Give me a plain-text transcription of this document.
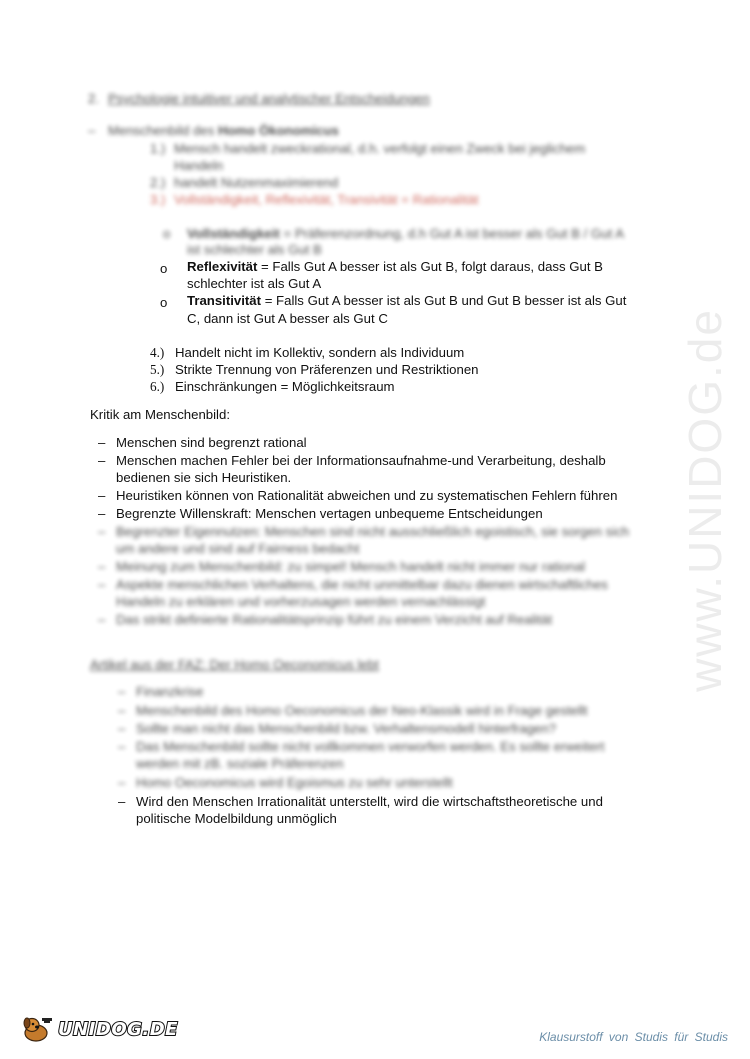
www.UNIDOG.de
2. Psychologie intuitiver und analytischer Entscheidungen
– Menschenbild des Homo Ökonomicus
1.) Mensch handelt zweckrational, d.h. verfolgt einen Zweck bei jeglichem
Handeln
2.) handelt Nutzenmaximierend
3.) Vollständigkeit, Reflexivität, Transivität = Rationalität
o Vollständigkeit = Präferenzordnung, d.h Gut A ist besser als Gut B / Gut A
ist schlechter als Gut B
o Reflexivität = Falls Gut A besser ist als Gut B, folgt daraus, dass Gut B
schlechter ist als Gut A
o Transitivität = Falls Gut A besser ist als Gut B und Gut B besser ist als Gut
C, dann ist Gut A besser als Gut C
4.) Handelt nicht im Kollektiv, sondern als Individuum
5.) Strikte Trennung von Präferenzen und Restriktionen
6.) Einschränkungen = Möglichkeitsraum
Kritik am Menschenbild:
– Menschen sind begrenzt rational
– Menschen machen Fehler bei der Informationsaufnahme-und Verarbeitung, deshalb
bedienen sie sich Heuristiken.
– Heuristiken können von Rationalität abweichen und zu systematischen Fehlern führen
– Begrenzte Willenskraft: Menschen vertagen unbequeme Entscheidungen
– Begrenzter Eigennutzen: Menschen sind nicht ausschließlich egoistisch, sie sorgen sich
um andere und sind auf Fairness bedacht
– Meinung zum Menschenbild: zu simpel! Mensch handelt nicht immer nur rational
– Aspekte menschlichen Verhaltens, die nicht unmittelbar dazu dienen wirtschaftliches
Handeln zu erklären und vorherzusagen werden vernachlässigt
– Das strikt definierte Rationalitätsprinzip führt zu einem Verzicht auf Realität
Artikel aus der FAZ: Der Homo Oeconomicus lebt
– Finanzkrise
– Menschenbild des Homo Oeconomicus der Neo-Klassik wird in Frage gestellt
– Sollte man nicht das Menschenbild bzw. Verhaltensmodell hinterfragen?
– Das Menschenbild sollte nicht vollkommen verworfen werden. Es sollte erweitert
werden mit zB. soziale Präferenzen
– Homo Oeconomicus wird Egoismus zu sehr unterstellt
– Wird den Menschen Irrationalität unterstellt, wird die wirtschaftstheoretische und
politische Modelbildung unmöglich
UNIDOG.DE	Klausurstoff von Studis für Studis
